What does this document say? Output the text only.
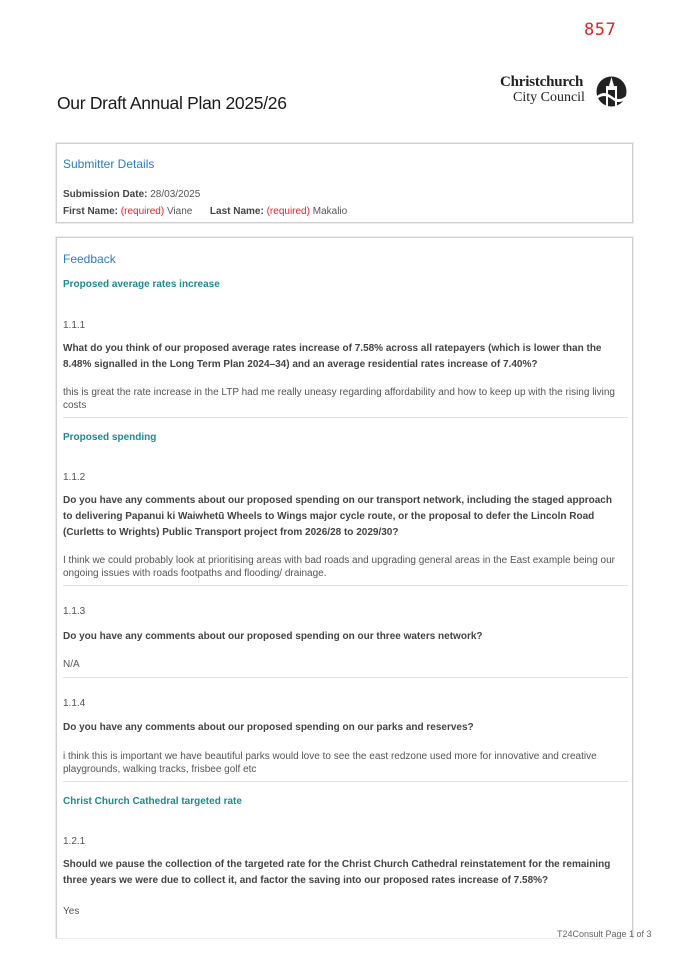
857
Our Draft Annual Plan 2025/26
Christchurch
City Council
Submitter Details
Submission Date: 28/03/2025
First Name: (required) Viane Last Name: (required) Makalio
Feedback
Proposed average rates increase
1.1.1
What do you think of our proposed average rates increase of 7.58% across all ratepayers (which is lower than the 8.48% signalled in the Long Term Plan 2024–34) and an average residential rates increase of 7.40%?
this is great the rate increase in the LTP had me really uneasy regarding affordability and how to keep up with the rising living costs
Proposed spending
1.1.2
Do you have any comments about our proposed spending on our transport network, including the staged approach to delivering Papanui ki Waiwhetū Wheels to Wings major cycle route, or the proposal to defer the Lincoln Road (Curletts to Wrights) Public Transport project from 2026/28 to 2029/30?
I think we could probably look at prioritising areas with bad roads and upgrading general areas in the East example being our ongoing issues with roads footpaths and flooding/ drainage.
1.1.3
Do you have any comments about our proposed spending on our three waters network?
N/A
1.1.4
Do you have any comments about our proposed spending on our parks and reserves?
i think this is important we have beautiful parks would love to see the east redzone used more for innovative and creative playgrounds, walking tracks, frisbee golf etc
Christ Church Cathedral targeted rate
1.2.1
Should we pause the collection of the targeted rate for the Christ Church Cathedral reinstatement for the remaining three years we were due to collect it, and factor the saving into our proposed rates increase of 7.58%?
Yes
T24Consult Page 1 of 3
